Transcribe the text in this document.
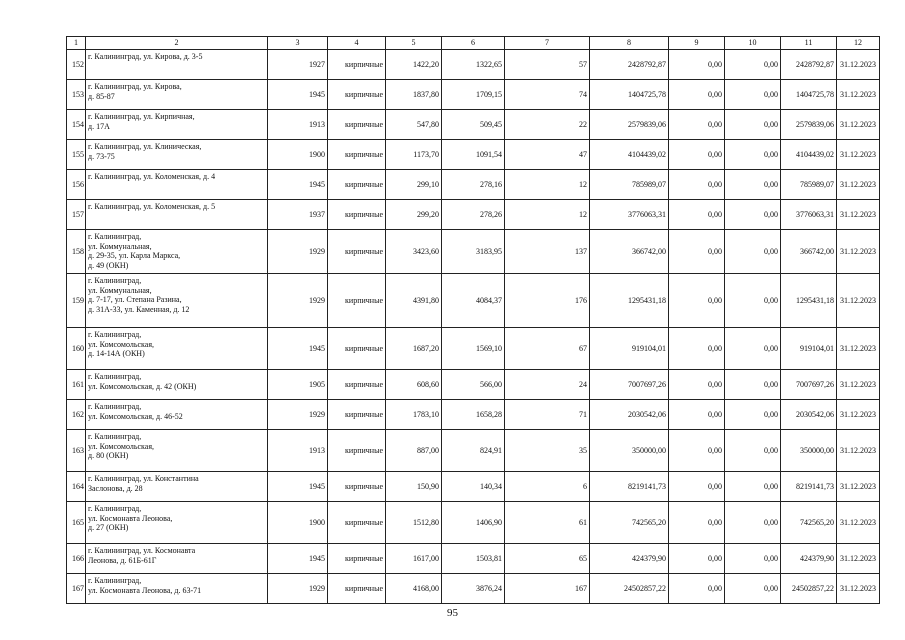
1	2	3	4	5	6	7	8	9	10	11	12
152	г. Калининград, ул. Кирова, д. 3-5	1927	кирпичные	1422,20	1322,65	57	2428792,87	0,00	0,00	2428792,87	31.12.2023
153	г. Калининград, ул. Кирова,
д. 85-87	1945	кирпичные	1837,80	1709,15	74	1404725,78	0,00	0,00	1404725,78	31.12.2023
154	г. Калининград, ул. Кирпичная,
д. 17А	1913	кирпичные	547,80	509,45	22	2579839,06	0,00	0,00	2579839,06	31.12.2023
155	г. Калининград, ул. Клиническая,
д. 73-75	1900	кирпичные	1173,70	1091,54	47	4104439,02	0,00	0,00	4104439,02	31.12.2023
156	г. Калининград, ул. Коломенская, д. 4	1945	кирпичные	299,10	278,16	12	785989,07	0,00	0,00	785989,07	31.12.2023
157	г. Калининград, ул. Коломенская, д. 5	1937	кирпичные	299,20	278,26	12	3776063,31	0,00	0,00	3776063,31	31.12.2023
158	г. Калининград,
ул. Коммунальная,
д. 29-35, ул. Карла Маркса,
д. 49 (ОКН)	1929	кирпичные	3423,60	3183,95	137	366742,00	0,00	0,00	366742,00	31.12.2023
159	г. Калининград,
ул. Коммунальная,
д. 7-17, ул. Степана Разина,
д. 31А-33, ул. Каменная, д. 12	1929	кирпичные	4391,80	4084,37	176	1295431,18	0,00	0,00	1295431,18	31.12.2023
160	г. Калининград,
ул. Комсомольская,
д. 14-14А (ОКН)	1945	кирпичные	1687,20	1569,10	67	919104,01	0,00	0,00	919104,01	31.12.2023
161	г. Калининград,
ул. Комсомольская, д. 42 (ОКН)	1905	кирпичные	608,60	566,00	24	7007697,26	0,00	0,00	7007697,26	31.12.2023
162	г. Калининград,
ул. Комсомольская, д. 46-52	1929	кирпичные	1783,10	1658,28	71	2030542,06	0,00	0,00	2030542,06	31.12.2023
163	г. Калининград,
ул. Комсомольская,
д. 80 (ОКН)	1913	кирпичные	887,00	824,91	35	350000,00	0,00	0,00	350000,00	31.12.2023
164	г. Калининград, ул. Константина
Заслонова, д. 28	1945	кирпичные	150,90	140,34	6	8219141,73	0,00	0,00	8219141,73	31.12.2023
165	г. Калининград,
ул. Космонавта Леонова,
д. 27 (ОКН)	1900	кирпичные	1512,80	1406,90	61	742565,20	0,00	0,00	742565,20	31.12.2023
166	г. Калининград, ул. Космонавта
Леонова, д. 61Б-61Г	1945	кирпичные	1617,00	1503,81	65	424379,90	0,00	0,00	424379,90	31.12.2023
167	г. Калининград,
ул. Космонавта Леонова, д. 63-71	1929	кирпичные	4168,00	3876,24	167	24502857,22	0,00	0,00	24502857,22	31.12.2023
95
